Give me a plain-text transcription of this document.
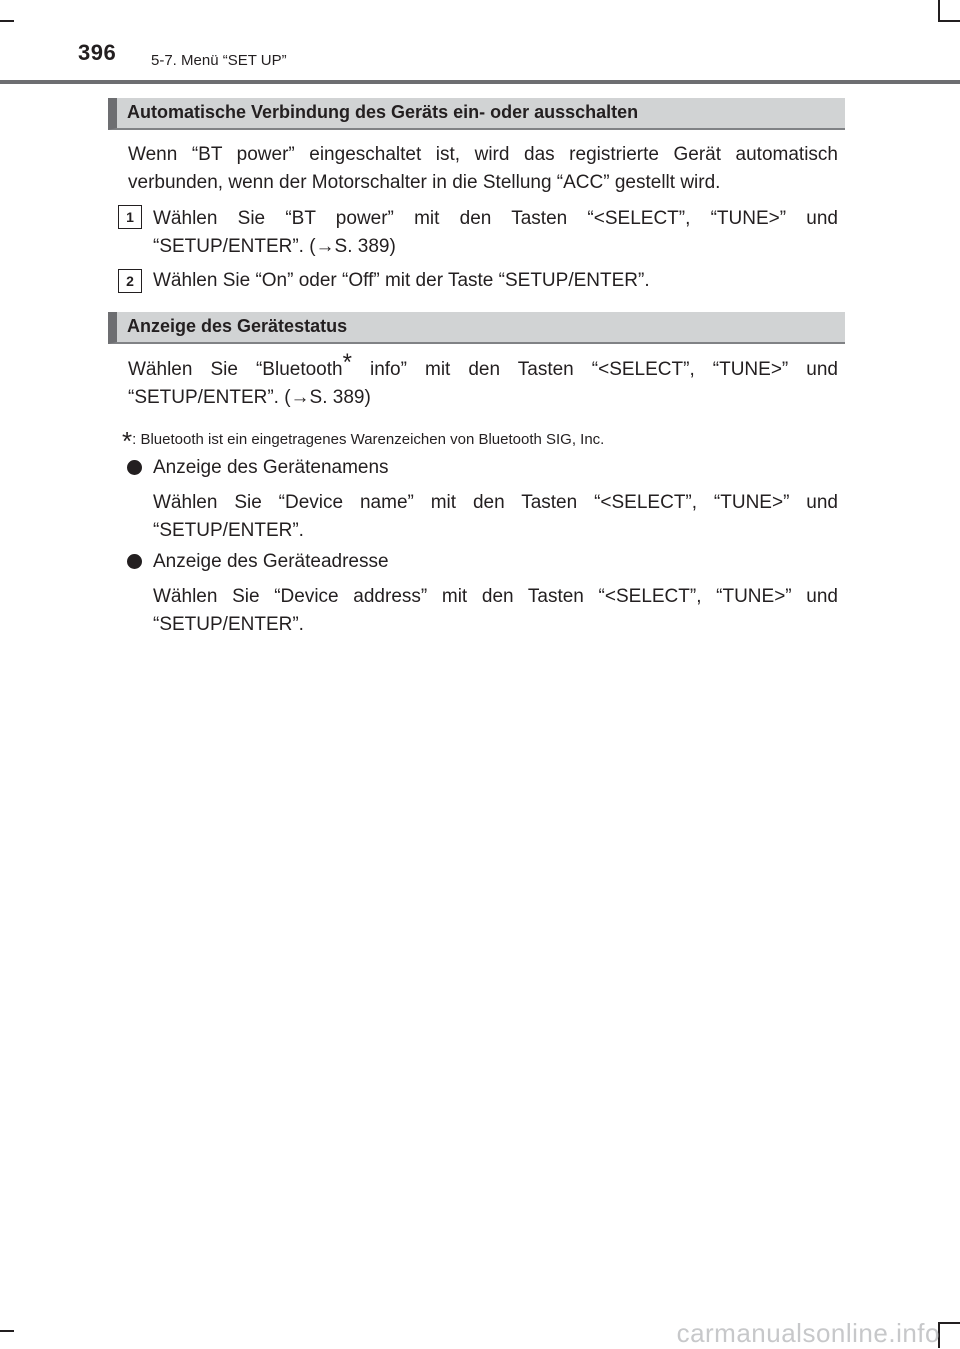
396 5-7. Menü “SET UP”
Automatische Verbindung des Geräts ein- oder ausschalten
Wenn “BT power” eingeschaltet ist, wird das registrierte Gerät automatisch verbunden, wenn der Motorschalter in die Stellung “ACC” gestellt wird.
1	Wählen Sie “BT power” mit den Tasten “<SELECT”, “TUNE>” und “SETUP/ENTER”. (→S. 389)
2	Wählen Sie “On” oder “Off” mit der Taste “SETUP/ENTER”.
Anzeige des Gerätestatus
Wählen Sie “Bluetooth* info” mit den Tasten “<SELECT”, “TUNE>” und “SETUP/ENTER”. (→S. 389)
*: Bluetooth ist ein eingetragenes Warenzeichen von Bluetooth SIG, Inc.
Anzeige des Gerätenamens
Wählen Sie “Device name” mit den Tasten “<SELECT”, “TUNE>” und “SETUP/ENTER”.
Anzeige des Geräteadresse
Wählen Sie “Device address” mit den Tasten “<SELECT”, “TUNE>” und “SETUP/ENTER”.
carmanualsonline.info
